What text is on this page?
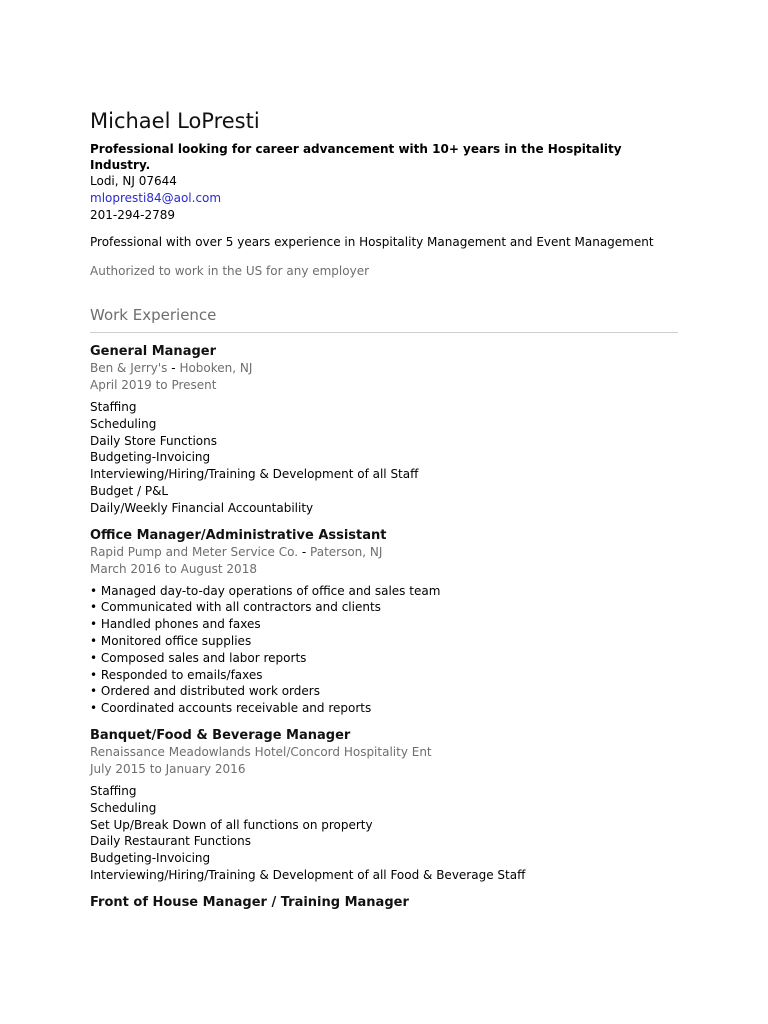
Michael LoPresti
Professional looking for career advancement with 10+ years in the Hospitality Industry.
Lodi, NJ 07644
mlopresti84@aol.com
201-294-2789
Professional with over 5 years experience in Hospitality Management and Event Management
Authorized to work in the US for any employer
Work Experience
General Manager
Ben & Jerry's - Hoboken, NJ
April 2019 to Present
Staffing
Scheduling
Daily Store Functions
Budgeting-Invoicing
Interviewing/Hiring/Training & Development of all Staff
Budget / P&L
Daily/Weekly Financial Accountability
Office Manager/Administrative Assistant
Rapid Pump and Meter Service Co. - Paterson, NJ
March 2016 to August 2018
• Managed day-to-day operations of office and sales team
• Communicated with all contractors and clients
• Handled phones and faxes
• Monitored office supplies
• Composed sales and labor reports
• Responded to emails/faxes
• Ordered and distributed work orders
• Coordinated accounts receivable and reports
Banquet/Food & Beverage Manager
Renaissance Meadowlands Hotel/Concord Hospitality Ent
July 2015 to January 2016
Staffing
Scheduling
Set Up/Break Down of all functions on property
Daily Restaurant Functions
Budgeting-Invoicing
Interviewing/Hiring/Training & Development of all Food & Beverage Staff
Front of House Manager / Training Manager
